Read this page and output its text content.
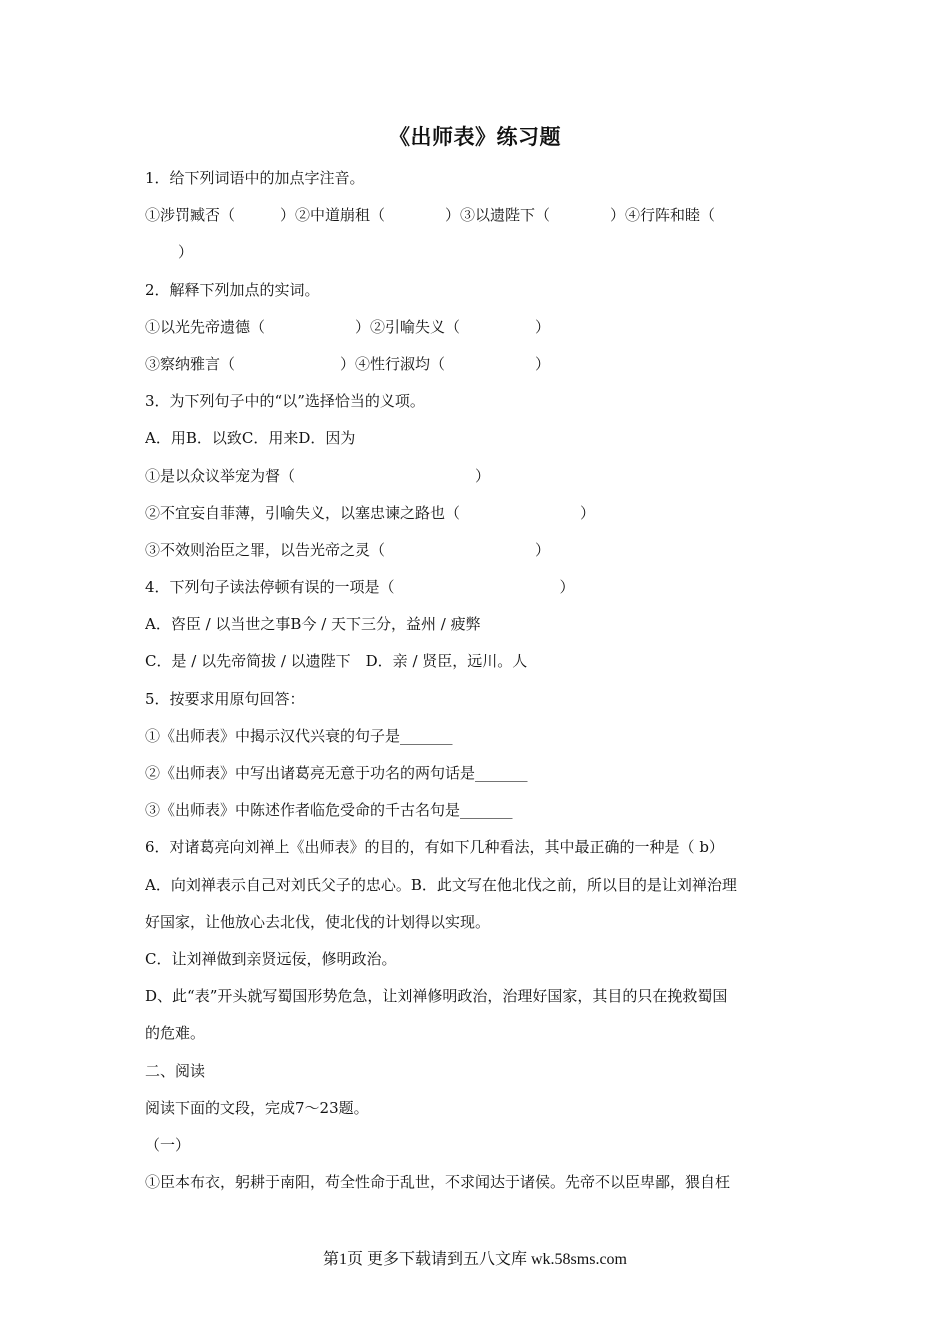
《出师表》练习题
1．给下列词语中的加点字注音。
①涉罚臧否（　　　）②中道崩租（　　　　）③以遗陛下（　　　　）④行阵和睦（
）
2．解释下列加点的实词。
①以光先帝遗德（　　　　　　）②引喻失义（　　　　　）
③察纳雅言（　　　　　　　）④性行淑均（　　　　　　）
3．为下列句子中的“以”选择恰当的义项。
A．用B．以致C．用来D．因为
①是以众议举宠为督（　　　　　　　　　　　　）
②不宜妄自菲薄，引喻失义，以塞忠谏之路也（　　　　　　　　）
③不效则治臣之罪，以告光帝之灵（　　　　　　　　　　）
4．下列句子读法停顿有误的一项是（　　　　　　　　　　　）
A．咨臣 / 以当世之事B今 / 天下三分，益州 / 疲弊
C．是 / 以先帝简拔 / 以遗陛下　D．亲 / 贤臣，远川。人
5．按要求用原句回答：
①《出师表》中揭示汉代兴衰的句子是_______
②《出师表》中写出诸葛亮无意于功名的两句话是_______
③《出师表》中陈述作者临危受命的千古名句是_______
6．对诸葛亮向刘禅上《出师表》的目的，有如下几种看法，其中最正确的一种是（ b）
A．向刘禅表示自己对刘氏父子的忠心。B．此文写在他北伐之前，所以目的是让刘禅治理
好国家，让他放心去北伐，使北伐的计划得以实现。
C．让刘禅做到亲贤远佞，修明政治。
D、此“表”开头就写蜀国形势危急，让刘禅修明政治，治理好国家，其目的只在挽救蜀国
的危难。
二、阅读
阅读下面的文段，完成7～23题。
（一）
①臣本布衣，躬耕于南阳，苟全性命于乱世，不求闻达于诸侯。先帝不以臣卑鄙，猥自枉
第1页 更多下载请到五八文库 wk.58sms.com
